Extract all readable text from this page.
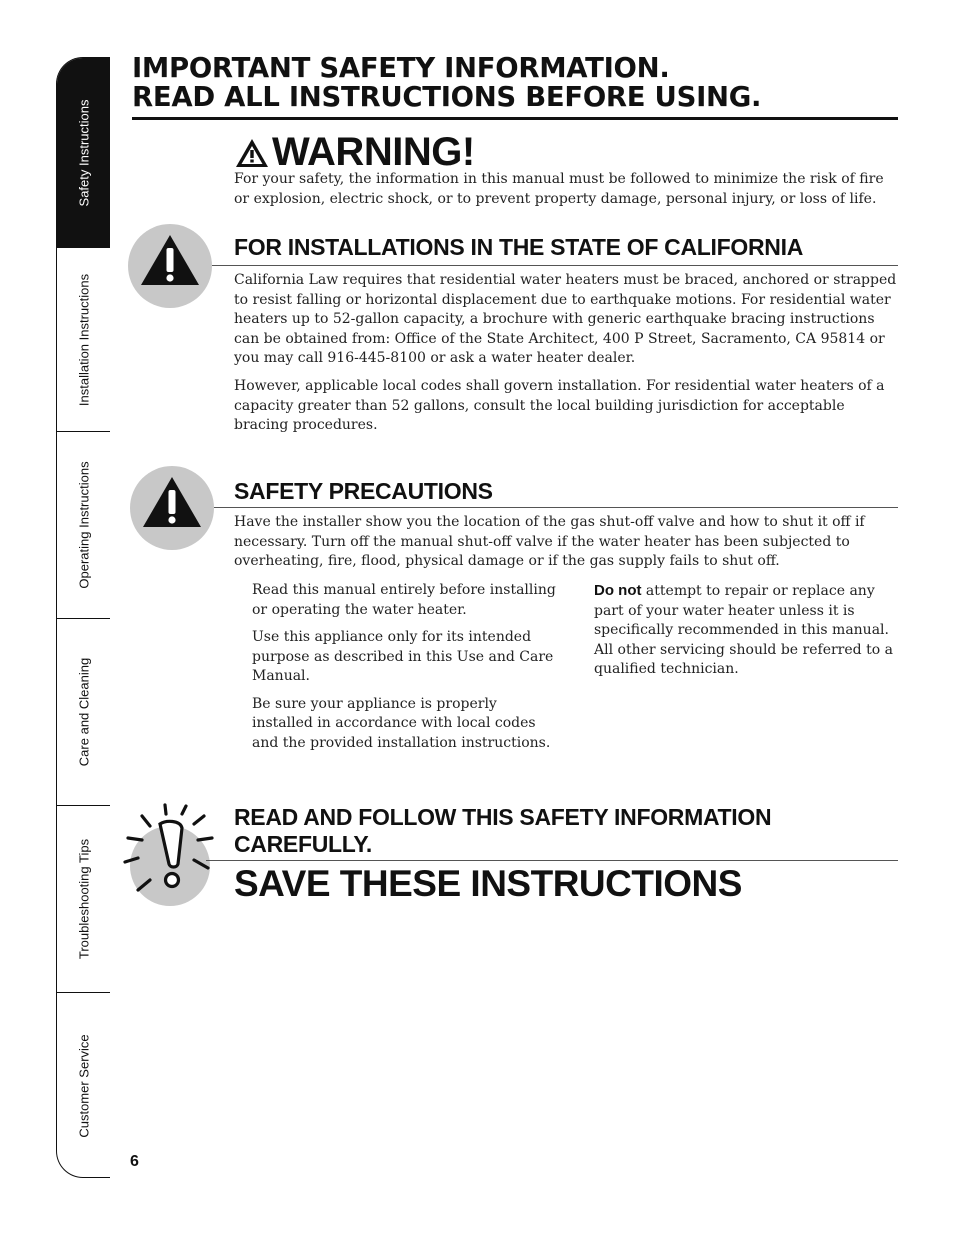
Safety Instructions
Installation Instructions
Operating Instructions
Care and Cleaning
Troubleshooting Tips
Customer Service
IMPORTANT SAFETY INFORMATION.
READ ALL INSTRUCTIONS BEFORE USING.
WARNING!

For your safety, the information in this manual must be followed to minimize the risk of fire or explosion, electric shock, or to prevent property damage, personal injury, or loss of life.

FOR INSTALLATIONS IN THE STATE OF CALIFORNIA

California Law requires that residential water heaters must be braced, anchored or strapped to resist falling or horizontal displacement due to earthquake motions. For residential water heaters up to 52-gallon capacity, a brochure with generic earthquake bracing instructions can be obtained from: Office of the State Architect, 400 P Street, Sacramento, CA 95814 or you may call 916-445-8100 or ask a water heater dealer.

However, applicable local codes shall govern installation. For residential water heaters of a capacity greater than 52 gallons, consult the local building jurisdiction for acceptable bracing procedures.

SAFETY PRECAUTIONS

Have the installer show you the location of the gas shut-off valve and how to shut it off if necessary. Turn off the manual shut-off valve if the water heater has been subjected to overheating, fire, flood, physical damage or if the gas supply fails to shut off.

Read this manual entirely before installing or operating the water heater.

Use this appliance only for its intended purpose as described in this Use and Care Manual.

Be sure your appliance is properly installed in accordance with local codes and the provided installation instructions.

Do not attempt to repair or replace any part of your water heater unless it is specifically recommended in this manual. All other servicing should be referred to a qualified technician.

READ AND FOLLOW THIS SAFETY INFORMATION
CAREFULLY.
SAVE THESE INSTRUCTIONS
6
